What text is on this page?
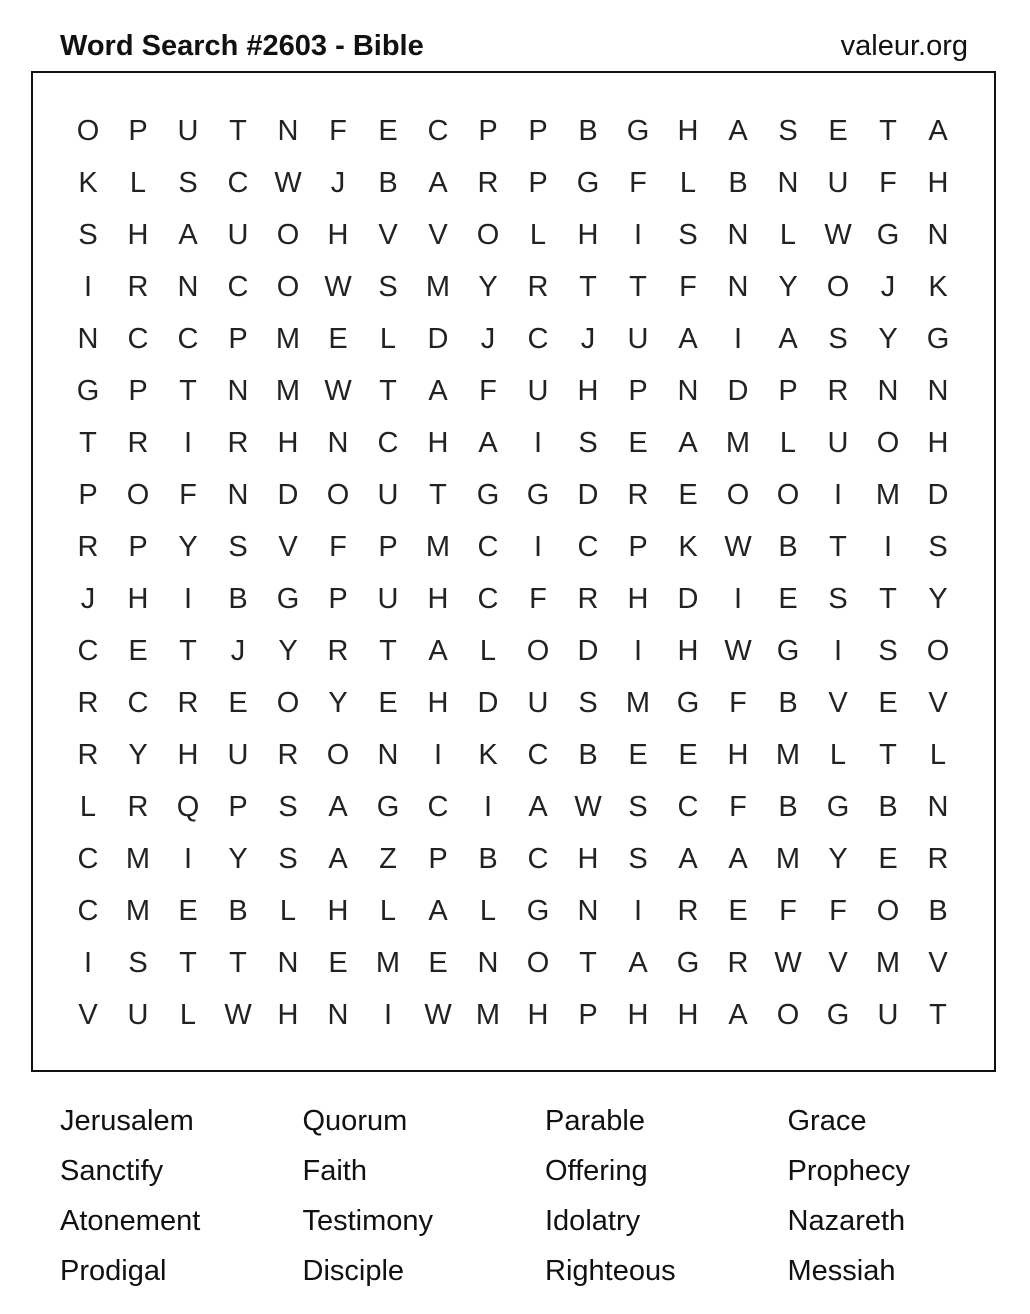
Word Search #2603 - Bible	valeur.org
O	P	U	T	N	F	E	C	P	P	B	G H	A	S	E	T	A
K	L	S	C W	J	B	A	R	P	G	F	L	B	N	U	F	H
S	H	A	U O H	V	V	O	L	H	I	S	N	L W G N
I	R	N	C O W S M Y	R	T	T	F	N	Y	O	J	K
N	C	C	P M E	L	D	J	C	J	U	A	I	A	S	Y	G
G	P	T	N M W T	A	F	U	H	P	N	D	P	R	N	N
T	R	I	R	H	N	C	H	A	I	S	E	A M	L	U O H
P	O	F	N	D O U	T	G G D	R	E	O O	I	M D
R	P	Y	S	V	F	P M C	I	C	P	K W B	T	I	S
J	H	I	B	G	P	U	H	C	F	R	H	D	I	E	S	T	Y
C	E	T	J	Y	R	T	A	L	O D	I	H W G	I	S	O
R	C	R	E	O	Y	E	H	D	U	S M G	F	B	V	E	V
R	Y	H	U	R O N	I	K	C	B	E	E	H M	L	T	L
L	R Q	P	S	A	G C	I	A W S	C	F	B	G	B	N
C M	I	Y	S	A	Z	P	B	C	H	S	A	A M Y	E	R
C M E	B	L	H	L	A	L	G N	I	R	E	F	F	O	B
I	S	T	T	N	E M E	N O	T	A	G R W V M V
V	U	L W H	N	I	W M H	P	H	H	A	O G U	T
Jerusalem	Quorum	Parable	Grace
Sanctify	Faith	Offering	Prophecy
Atonement	Testimony	Idolatry	Nazareth
Prodigal	Disciple	Righteous	Messiah
